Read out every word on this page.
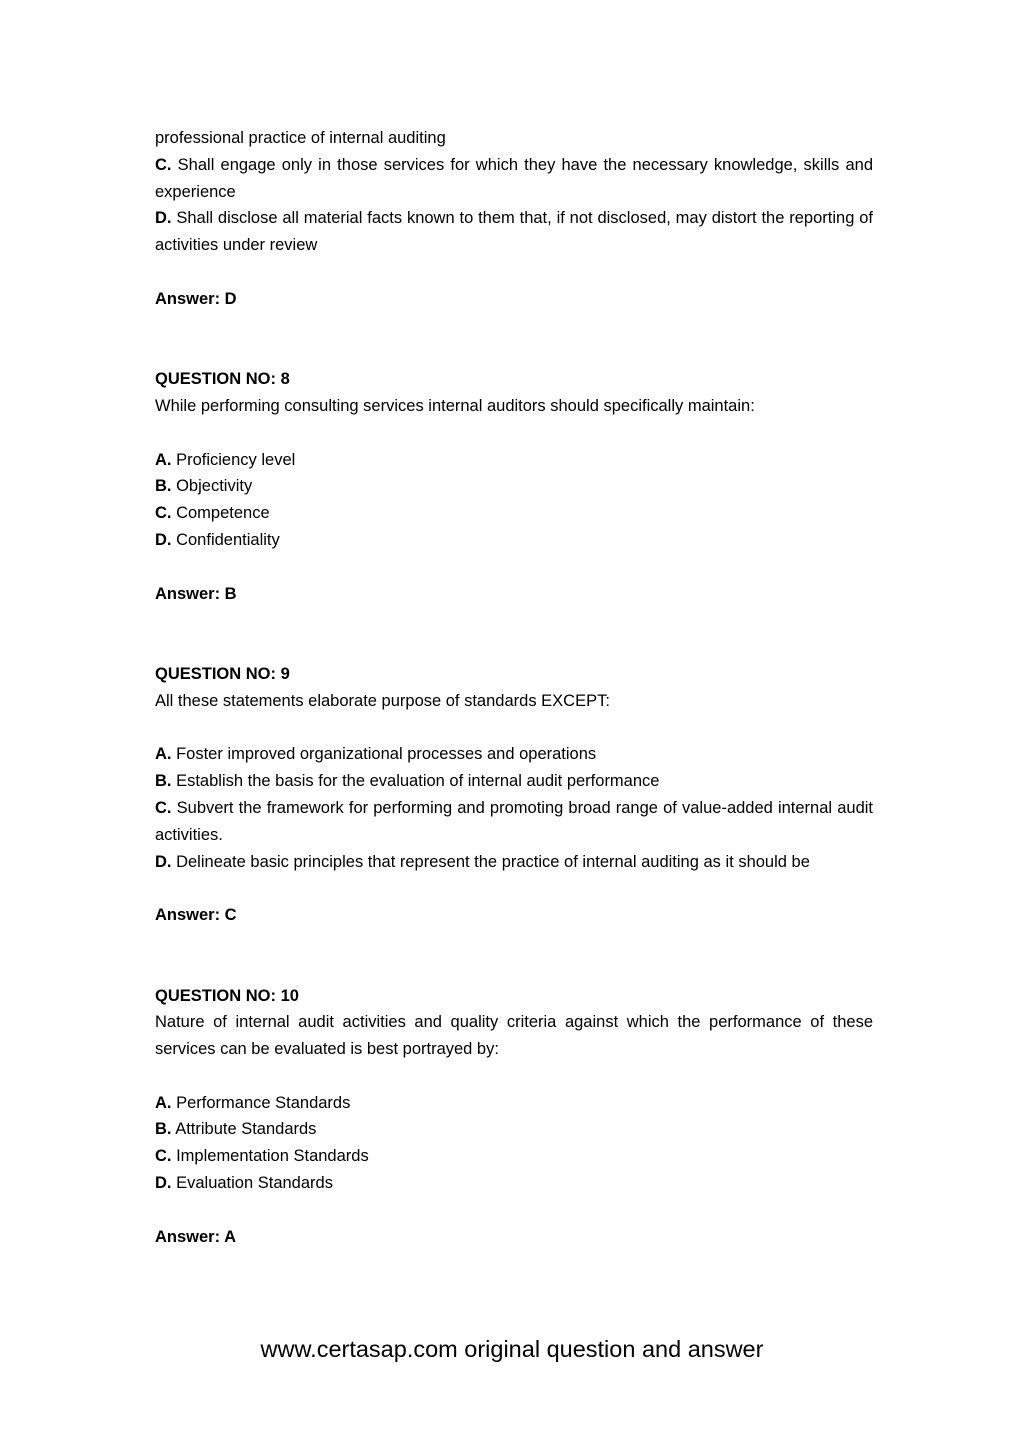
professional practice of internal auditing
C. Shall engage only in those services for which they have the necessary knowledge, skills and experience
D. Shall disclose all material facts known to them that, if not disclosed, may distort the reporting of activities under review
Answer: D
QUESTION NO: 8
While performing consulting services internal auditors should specifically maintain:
A. Proficiency level
B. Objectivity
C. Competence
D. Confidentiality
Answer: B
QUESTION NO: 9
All these statements elaborate purpose of standards EXCEPT:
A. Foster improved organizational processes and operations
B. Establish the basis for the evaluation of internal audit performance
C. Subvert the framework for performing and promoting broad range of value-added internal audit activities.
D. Delineate basic principles that represent the practice of internal auditing as it should be
Answer: C
QUESTION NO: 10
Nature of internal audit activities and quality criteria against which the performance of these services can be evaluated is best portrayed by:
A. Performance Standards
B. Attribute Standards
C. Implementation Standards
D. Evaluation Standards
Answer: A
www.certasap.com original question and answer
